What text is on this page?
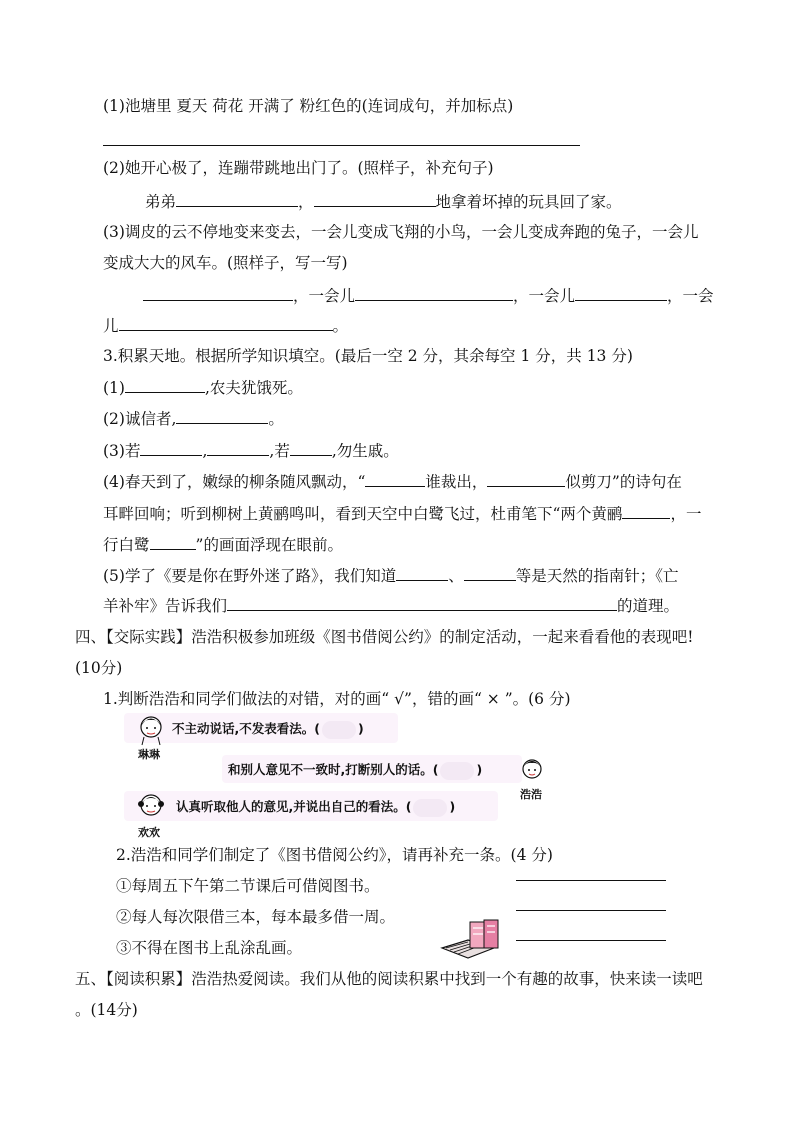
(1)池塘里 夏天 荷花 开满了 粉红色的(连词成句，并加标点)
(2)她开心极了，连蹦带跳地出门了。(照样子，补充句子)
弟弟	，	地拿着坏掉的玩具回了家。
(3)调皮的云不停地变来变去，一会儿变成飞翔的小鸟，一会儿变成奔跑的兔子，一会儿
变成大大的风车。(照样子，写一写)
，一会儿	，一会儿	，一会
儿	。
3.积累天地。根据所学知识填空。(最后一空 2 分，其余每空 1 分，共 13 分)
(1)	,农夫犹饿死。
(2)诚信者,	。
(3)若	,	,若	,勿生戚。
(4)春天到了，嫩绿的柳条随风飘动，“	谁裁出，	似剪刀”的诗句在
耳畔回响；听到柳树上黄鹂鸣叫，看到天空中白鹭飞过，杜甫笔下“两个黄鹂	，一
行白鹭	”的画面浮现在眼前。
(5)学了《要是你在野外迷了路》，我们知道	、	等是天然的指南针；《亡
羊补牢》告诉我们	的道理。
四、【交际实践】浩浩积极参加班级《图书借阅公约》的制定活动，一起来看看他的表现吧!
(10分)
1.判断浩浩和同学们做法的对错，对的画“ √”，错的画“ × ”。(6 分)
琳琳
不主动说话,不发表看法。(	)
和别人意见不一致时,打断别人的话。(	)
浩浩
欢欢
认真听取他人的意见,并说出自己的看法。(	)
2.浩浩和同学们制定了《图书借阅公约》，请再补充一条。(4 分)
①每周五下午第二节课后可借阅图书。
②每人每次限借三本，每本最多借一周。
③不得在图书上乱涂乱画。
五、【阅读积累】浩浩热爱阅读。我们从他的阅读积累中找到一个有趣的故事，快来读一读吧
。(14分)
